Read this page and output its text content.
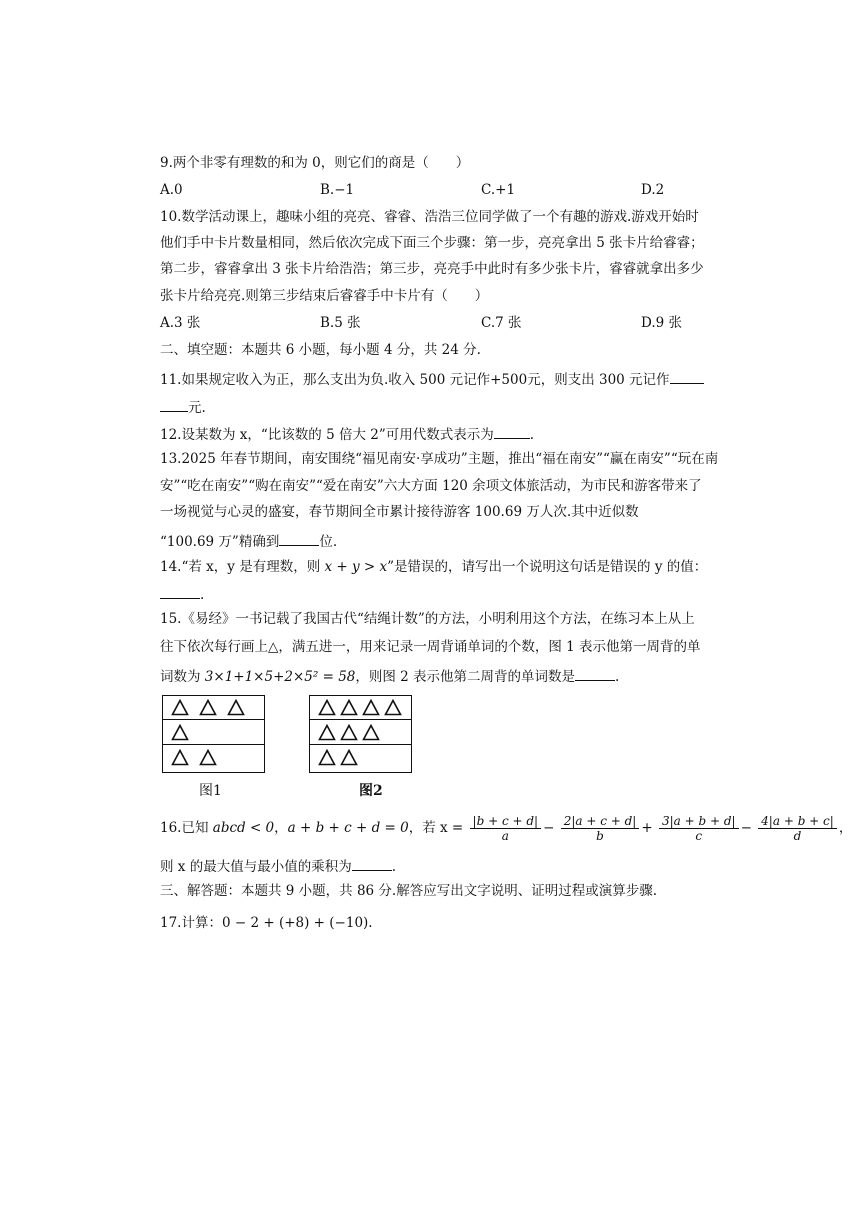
9.两个非零有理数的和为 0，则它们的商是（　　）
A.0	B.−1	C.+1	D.2
10.数学活动课上，趣味小组的亮亮、睿睿、浩浩三位同学做了一个有趣的游戏.游戏开始时
他们手中卡片数量相同，然后依次完成下面三个步骤：第一步，亮亮拿出 5 张卡片给睿睿；
第二步，睿睿拿出 3 张卡片给浩浩；第三步，亮亮手中此时有多少张卡片，睿睿就拿出多少
张卡片给亮亮.则第三步结束后睿睿手中卡片有（　　）
A.3 张	B.5 张	C.7 张	D.9 张
二、填空题：本题共 6 小题，每小题 4 分，共 24 分.
11.如果规定收入为正，那么支出为负.收入 500 元记作+500元，则支出 300 元记作
元.
12.设某数为 x，“比该数的 5 倍大 2”可用代数式表示为	.
13.2025 年春节期间，南安围绕“福见南安·享成功”主题，推出“福在南安”“赢在南安”“玩在南
安”“吃在南安”“购在南安”“爱在南安”六大方面 120 余项文体旅活动，为市民和游客带来了
一场视觉与心灵的盛宴，春节期间全市累计接待游客 100.69 万人次.其中近似数
“100.69 万”精确到	位.
14.“若 x，y 是有理数，则 x + y > x”是错误的，请写出一个说明这句话是错误的 y 的值：
.
15.《易经》一书记载了我国古代“结绳计数”的方法，小明利用这个方法，在练习本上从上
往下依次每行画上△，满五进一，用来记录一周背诵单词的个数，图 1 表示他第一周背的单
词数为 3×1+1×5+2×5² = 58，则图 2 表示他第二周背的单词数是	.
图1	图2
16.已知 abcd < 0，a + b + c + d = 0，若 $x = \frac{|b + c + d|}{a} - \frac{2|a + c + d|}{b} + \frac{3|a + b + d|}{c} - \frac{4|a + b + c|}{d}$ ，
则 x 的最大值与最小值的乘积为	.
三、解答题：本题共 9 小题，共 86 分.解答应写出文字说明、证明过程或演算步骤.
17.计算：0 − 2 + (+8) + (−10).
